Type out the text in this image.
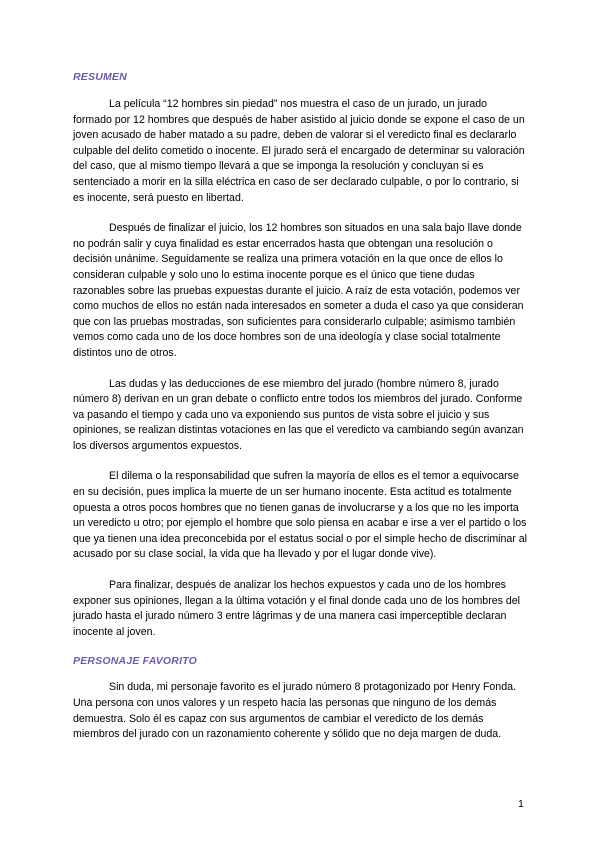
RESUMEN

La película “12 hombres sin piedad” nos muestra el caso de un jurado, un jurado formado por 12 hombres que después de haber asistido al juicio donde se expone el caso de un joven acusado de haber matado a su padre, deben de valorar si el veredicto final es declararlo culpable del delito cometido o inocente. El jurado será el encargado de determinar su valoración del caso, que al mismo tiempo llevará a que se imponga la resolución y concluyan si es sentenciado a morir en la silla eléctrica en caso de ser declarado culpable, o por lo contrario, si es inocente, será puesto en libertad.

Después de finalizar el juicio, los 12 hombres son situados en una sala bajo llave donde no podrán salir y cuya finalidad es estar encerrados hasta que obtengan una resolución o decisión unánime. Seguidamente se realiza una primera votación en la que once de ellos lo consideran culpable y solo uno lo estima inocente porque es el único que tiene dudas razonables sobre las pruebas expuestas durante el juicio. A raíz de esta votación, podemos ver como muchos de ellos no están nada interesados en someter a duda el caso ya que consideran que con las pruebas mostradas, son suficientes para considerarlo culpable; asimismo también vemos como cada uno de los doce hombres son de una ideología y clase social totalmente distintos uno de otros.

Las dudas y las deducciones de ese miembro del jurado (hombre número 8, jurado número 8) derivan en un gran debate o conflicto entre todos los miembros del jurado. Conforme va pasando el tiempo y cada uno va exponiendo sus puntos de vista sobre el juicio y sus opiniones, se realizan distintas votaciones en las que el veredicto va cambiando según avanzan los diversos argumentos expuestos.

El dilema o la responsabilidad que sufren la mayoría de ellos es el temor a equivocarse en su decisión, pues implica la muerte de un ser humano inocente. Esta actitud es totalmente opuesta a otros pocos hombres que no tienen ganas de involucrarse y a los que no les importa un veredicto u otro; por ejemplo el hombre que solo piensa en acabar e irse a ver el partido o los que ya tienen una idea preconcebida por el estatus social o por el simple hecho de discriminar al acusado por su clase social, la vida que ha llevado y por el lugar donde vive).

Para finalizar, después de analizar los hechos expuestos y cada uno de los hombres exponer sus opiniones, llegan a la última votación y el final donde cada uno de los hombres del jurado hasta el jurado número 3 entre lágrimas y de una manera casi imperceptible declaran inocente al joven.

PERSONAJE FAVORITO

Sin duda, mi personaje favorito es el jurado número 8 protagonizado por Henry Fonda. Una persona con unos valores y un respeto hacia las personas que ninguno de los demás demuestra. Solo él es capaz con sus argumentos de cambiar el veredicto de los demás miembros del jurado con un razonamiento coherente y sólido que no deja margen de duda.

1
